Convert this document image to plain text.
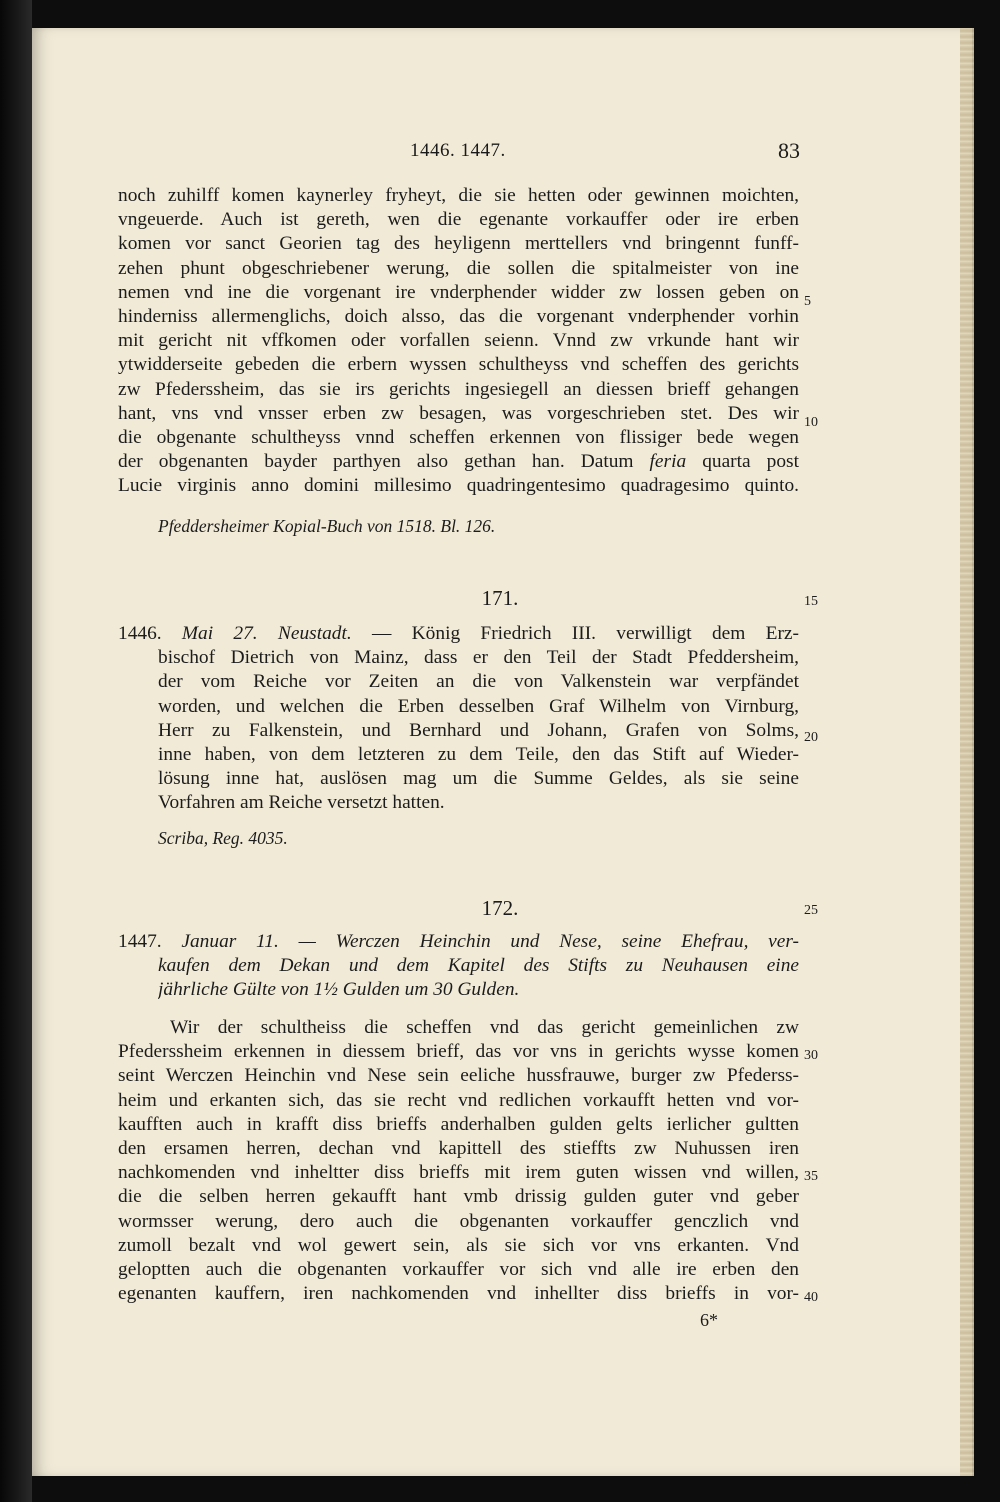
1446. 1447.	83
noch zuhilff komen kaynerley fryheyt, die sie hetten oder gewinnen moichten,
vngeuerde. Auch ist gereth, wen die egenante vorkauffer oder ire erben
komen vor sanct Georien tag des heyligenn merttellers vnd bringennt funff-
zehen phunt obgeschriebener werung, die sollen die spitalmeister von ine
nemen vnd ine die vorgenant ire vnderphender widder zw lossen geben on
hinderniss allermenglichs, doich alsso, das die vorgenant vnderphender vorhin
mit gericht nit vffkomen oder vorfallen seienn. Vnnd zw vrkunde hant wir
ytwidderseite gebeden die erbern wyssen schultheyss vnd scheffen des gerichts
zw Pfederssheim, das sie irs gerichts ingesiegell an diessen brieff gehangen
hant, vns vnd vnsser erben zw besagen, was vorgeschrieben stet. Des wir
die obgenante schultheyss vnnd scheffen erkennen von flissiger bede wegen
der obgenanten bayder parthyen also gethan han. Datum feria quarta post
Lucie virginis anno domini millesimo quadringentesimo quadragesimo quinto.
Pfeddersheimer Kopial-Buch von 1518. Bl. 126.
171.
1446. Mai 27. Neustadt. — König Friedrich III. verwilligt dem Erz-
bischof Dietrich von Mainz, dass er den Teil der Stadt Pfeddersheim,
der vom Reiche vor Zeiten an die von Valkenstein war verpfändet
worden, und welchen die Erben desselben Graf Wilhelm von Virnburg,
Herr zu Falkenstein, und Bernhard und Johann, Grafen von Solms,
inne haben, von dem letzteren zu dem Teile, den das Stift auf Wieder-
lösung inne hat, auslösen mag um die Summe Geldes, als sie seine
Vorfahren am Reiche versetzt hatten.
Scriba, Reg. 4035.
172.
1447. Januar 11. — Werczen Heinchin und Nese, seine Ehefrau, ver-
kaufen dem Dekan und dem Kapitel des Stifts zu Neuhausen eine
jährliche Gülte von 1½ Gulden um 30 Gulden.
Wir der schultheiss die scheffen vnd das gericht gemeinlichen zw
Pfederssheim erkennen in diessem brieff, das vor vns in gerichts wysse komen
seint Werczen Heinchin vnd Nese sein eeliche hussfrauwe, burger zw Pfederss-
heim und erkanten sich, das sie recht vnd redlichen vorkaufft hetten vnd vor-
kaufften auch in krafft diss brieffs anderhalben gulden gelts ierlicher gultten
den ersamen herren, dechan vnd kapittell des stieffts zw Nuhussen iren
nachkomenden vnd inheltter diss brieffs mit irem guten wissen vnd willen,
die die selben herren gekaufft hant vmb drissig gulden guter vnd geber
wormsser werung, dero auch die obgenanten vorkauffer genczlich vnd
zumoll bezalt vnd wol gewert sein, als sie sich vor vns erkanten. Vnd
geloptten auch die obgenanten vorkauffer vor sich vnd alle ire erben den
egenanten kauffern, iren nachkomenden vnd inhellter diss brieffs in vor-
5
10
15
20
25
30
35
40
6*
